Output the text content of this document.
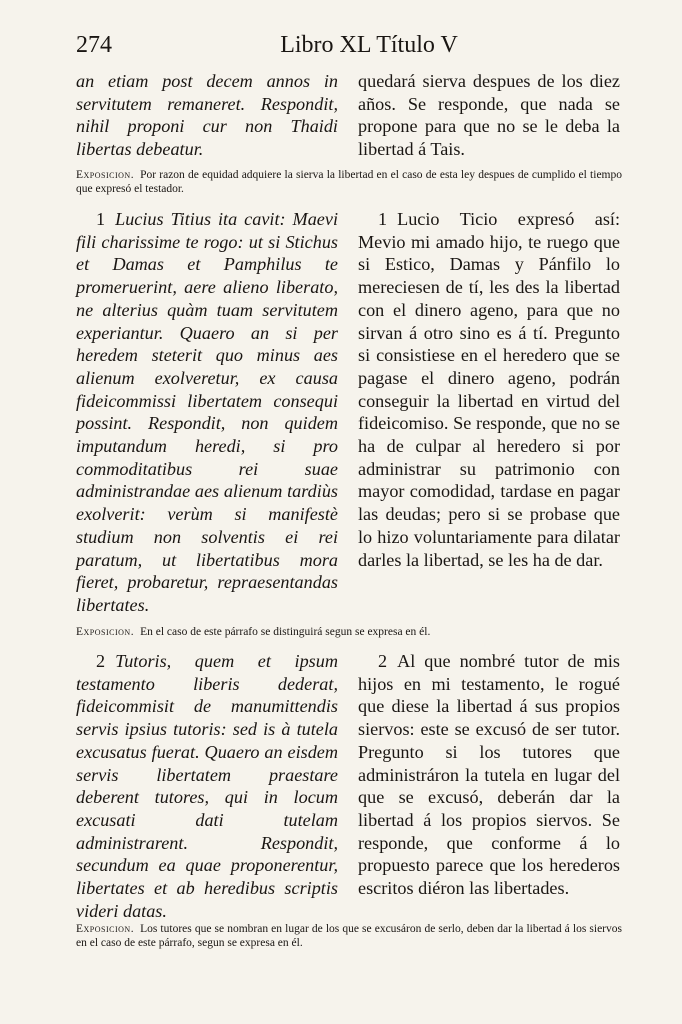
274	Libro XL Título V

an etiam post decem annos in servitutem remaneret. Respondit, nihil proponi cur non Thaidi libertas debeatur.

quedará sierva despues de los diez años. Se responde, que nada se propone para que no se le deba la libertad á Tais.

Exposicion. Por razon de equidad adquiere la sierva la libertad en el caso de esta ley despues de cumplido el tiempo que expresó el testador.

1 Lucius Titius ita cavit: Maevi fili charissime te rogo: ut si Stichus et Damas et Pamphilus te promeruerint, aere alieno liberato, ne alterius quàm tuam servitutem experiantur. Quaero an si per heredem steterit quo minus aes alienum exolveretur, ex causa fideicommissi libertatem consequi possint. Respondit, non quidem imputandum heredi, si pro commoditatibus rei suae administrandae aes alienum tardiùs exolverit: verùm si manifestè studium non solventis ei rei paratum, ut libertatibus mora fieret, probaretur, repraesentandas libertates.

1 Lucio Ticio expresó así: Mevio mi amado hijo, te ruego que si Estico, Damas y Pánfilo lo mereciesen de tí, les des la libertad con el dinero ageno, para que no sirvan á otro sino es á tí. Pregunto si consistiese en el heredero que se pagase el dinero ageno, podrán conseguir la libertad en virtud del fideicomiso. Se responde, que no se ha de culpar al heredero si por administrar su patrimonio con mayor comodidad, tardase en pagar las deudas; pero si se probase que lo hizo voluntariamente para dilatar darles la libertad, se les ha de dar.

Exposicion. En el caso de este párrafo se distinguirá segun se expresa en él.

2 Tutoris, quem et ipsum testamento liberis dederat, fideicommisit de manumittendis servis ipsius tutoris: sed is à tutela excusatus fuerat. Quaero an eisdem servis libertatem praestare deberent tutores, qui in locum excusati dati tutelam administrarent. Respondit, secundum ea quae proponerentur, libertates et ab heredibus scriptis videri datas.

2 Al que nombré tutor de mis hijos en mi testamento, le rogué que diese la libertad á sus propios siervos: este se excusó de ser tutor. Pregunto si los tutores que administráron la tutela en lugar del que se excusó, deberán dar la libertad á los propios siervos. Se responde, que conforme á lo propuesto parece que los herederos escritos diéron las libertades.

Exposicion. Los tutores que se nombran en lugar de los que se excusáron de serlo, deben dar la libertad á los siervos en el caso de este párrafo, segun se expresa en él.
